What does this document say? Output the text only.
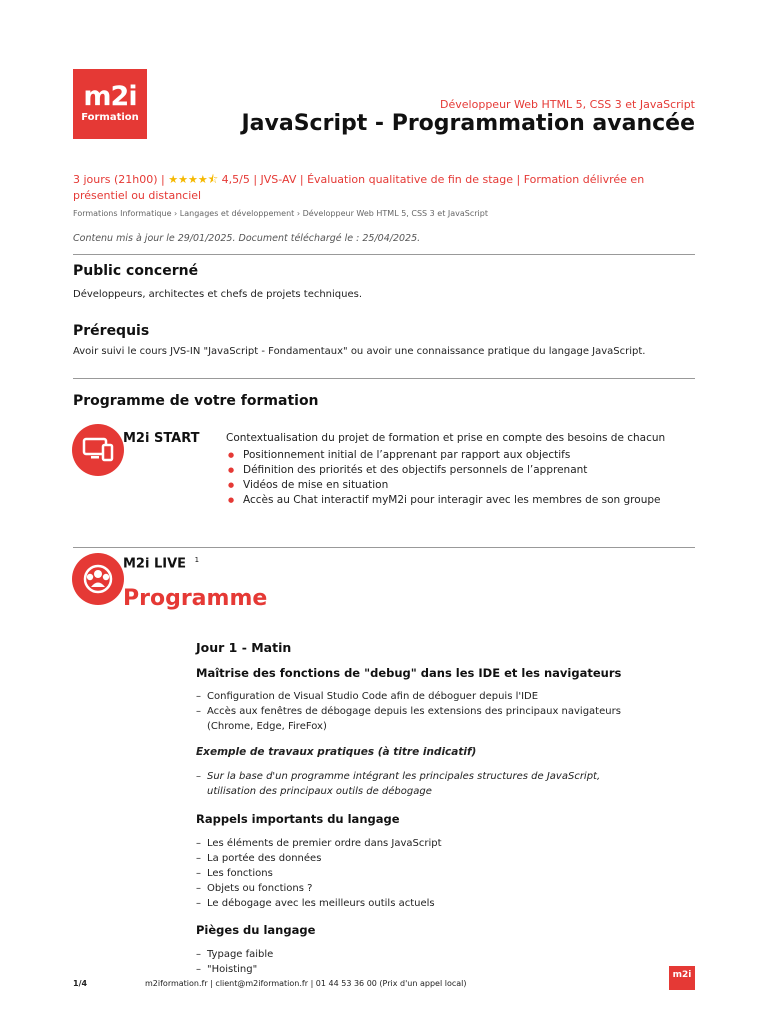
m2i
Formation
Développeur Web HTML 5, CSS 3 et JavaScript
JavaScript - Programmation avancée
3 jours (21h00) | ★★★★⯪ 4,5/5 | JVS-AV | Évaluation qualitative de fin de stage | Formation délivrée en présentiel ou distanciel
Formations Informatique › Langages et développement › Développeur Web HTML 5, CSS 3 et JavaScript
Contenu mis à jour le 29/01/2025. Document téléchargé le : 25/04/2025.
Public concerné
Développeurs, architectes et chefs de projets techniques.
Prérequis
Avoir suivi le cours JVS-IN "JavaScript - Fondamentaux" ou avoir une connaissance pratique du langage JavaScript.
Programme de votre formation
M2i START	Contextualisation du projet de formation et prise en compte des besoins de chacun
● Positionnement initial de l’apprenant par rapport aux objectifs
● Définition des priorités et des objectifs personnels de l’apprenant
● Vidéos de mise en situation
● Accès au Chat interactif myM2i pour interagir avec les membres de son groupe
M2i LIVE $^1$
Programme
Jour 1 - Matin
Maîtrise des fonctions de "debug" dans les IDE et les navigateurs
– Configuration de Visual Studio Code afin de déboguer depuis l'IDE
– Accès aux fenêtres de débogage depuis les extensions des principaux navigateurs
(Chrome, Edge, FireFox)
Exemple de travaux pratiques (à titre indicatif)
– Sur la base d'un programme intégrant les principales structures de JavaScript,
utilisation des principaux outils de débogage
Rappels importants du langage
– Les éléments de premier ordre dans JavaScript
– La portée des données
– Les fonctions
– Objets ou fonctions ?
– Le débogage avec les meilleurs outils actuels
Pièges du langage
– Typage faible
– "Hoisting"
1/4	m2iformation.fr | client@m2iformation.fr | 01 44 53 36 00 (Prix d'un appel local)
m2i
